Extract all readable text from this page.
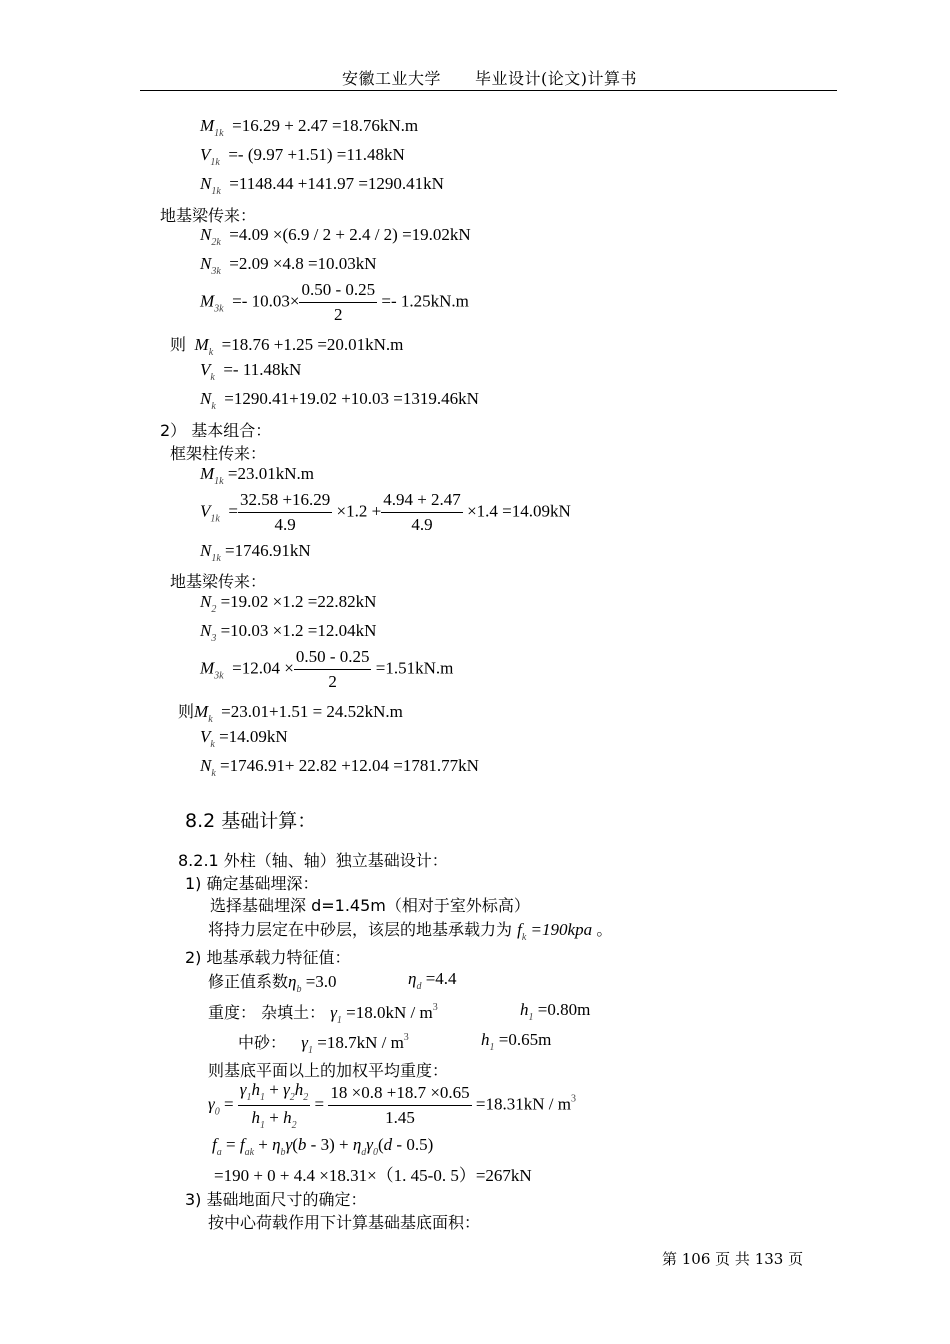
安徽工业大学 毕业设计(论文)计算书
$M_{1k} =16.29 + 2.47 =18.76kN.m$
$V_{1k} =- (9.97 +1.51) =11.48kN$
$N_{1k} =1148.44 +141.97 =1290.41kN$
地基梁传来：
$N_{2k} =4.09 \times(6.9 / 2 + 2.4 / 2) =19.02kN$
$N_{3k} =2.09 \times 4.8 =10.03kN$
$M_{3k} =- 10.03\times \frac{0.50 - 0.25}{2} =- 1.25kN.m$
则 $M_k =18.76 +1.25 =20.01kN.m$
$V_k =- 11.48kN$
$N_k =1290.41+19.02 +10.03 =1319.46kN$
2） 基本组合：
框架柱传来：
$M_{1k} =23.01kN.m$
$V_{1k} = \frac{32.58 +16.29}{4.9} \times 1.2 + \frac{4.94 + 2.47}{4.9} \times 1.4 =14.09kN$
$N_{1k} =1746.91kN$
地基梁传来：
$N_2 =19.02 \times 1.2 =22.82kN$
$N_3 =10.03 \times 1.2 =12.04kN$
$M_{3k} =12.04 \times \frac{0.50 - 0.25}{2} =1.51kN.m$
则$M_k =23.01+1.51 = 24.52kN.m$
$V_k =14.09kN$
$N_k =1746.91+ 22.82 +12.04 =1781.77kN$
8.2 基础计算：
8.2.1 外柱（轴、轴）独立基础设计：
1) 确定基础埋深：
选择基础埋深 d=1.45m（相对于室外标高）
将持力层定在中砂层，该层的地基承载力为 $f_k =190kpa$ 。
2) 地基承载力特征值：
修正值系数$\eta_b =3.0$	$\eta_d =4.4$
重度： 杂填土： $\gamma_1 =18.0kN / m^3$	$h_1 =0.80m$
中砂： $\gamma_1 =18.7kN / m^3$	$h_1 =0.65m$
则基底平面以上的加权平均重度：
$\gamma_0 = \frac{\gamma_1h_1 + \gamma_2h_2}{h_1 + h_2} = \frac{18 \times 0.8 +18.7 \times 0.65}{1.45} =18.31kN / m^3$
$f_a = f_{ak} + \eta_b\gamma(b - 3) + \eta_d\gamma_0(d - 0.5)$
=190 + 0 + 4.4 ×18.31×（1. 45-0. 5）=267kN
3) 基础地面尺寸的确定：
按中心荷载作用下计算基础基底面积：
第 106 页 共 133 页
